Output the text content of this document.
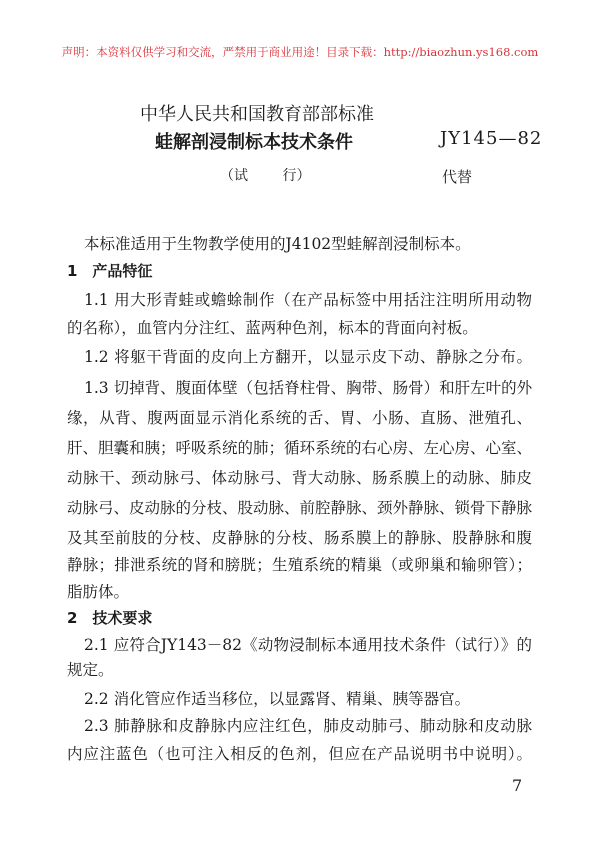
声明：本资料仅供学习和交流，严禁用于商业用途！目录下载：http://biaozhun.ys168.com
中华人民共和国教育部部标准
蛙解剖浸制标本技术条件	JY145—82
（试 行）	代替
本标准适用于生物教学使用的J4102型蛙解剖浸制标本。
1　产品特征
1.1 用大形青蛙或蟾蜍制作（在产品标签中用括注注明所用动物
的名称），血管内分注红、蓝两种色剂，标本的背面向衬板。
1.2 将躯干背面的皮向上方翻开，以显示皮下动、静脉之分布。
1.3 切掉背、腹面体壁（包括脊柱骨、胸带、肠骨）和肝左叶的外
缘，从背、腹两面显示消化系统的舌、胃、小肠、直肠、泄殖孔、
肝、胆囊和胰；呼吸系统的肺；循环系统的右心房、左心房、心室、
动脉干、颈动脉弓、体动脉弓、背大动脉、肠系膜上的动脉、肺皮
动脉弓、皮动脉的分枝、股动脉、前腔静脉、颈外静脉、锁骨下静脉
及其至前肢的分枝、皮静脉的分枝、肠系膜上的静脉、股静脉和腹
静脉；排泄系统的肾和膀胱；生殖系统的精巢（或卵巢和输卵管）；
脂肪体。
2　技术要求
2.1 应符合JY143－82《动物浸制标本通用技术条件（试行）》的
规定。
2.2 消化管应作适当移位，以显露肾、精巢、胰等器官。
2.3 肺静脉和皮静脉内应注红色，肺皮动肺弓、肺动脉和皮动脉
内应注蓝色（也可注入相反的色剂，但应在产品说明书中说明）。
7
